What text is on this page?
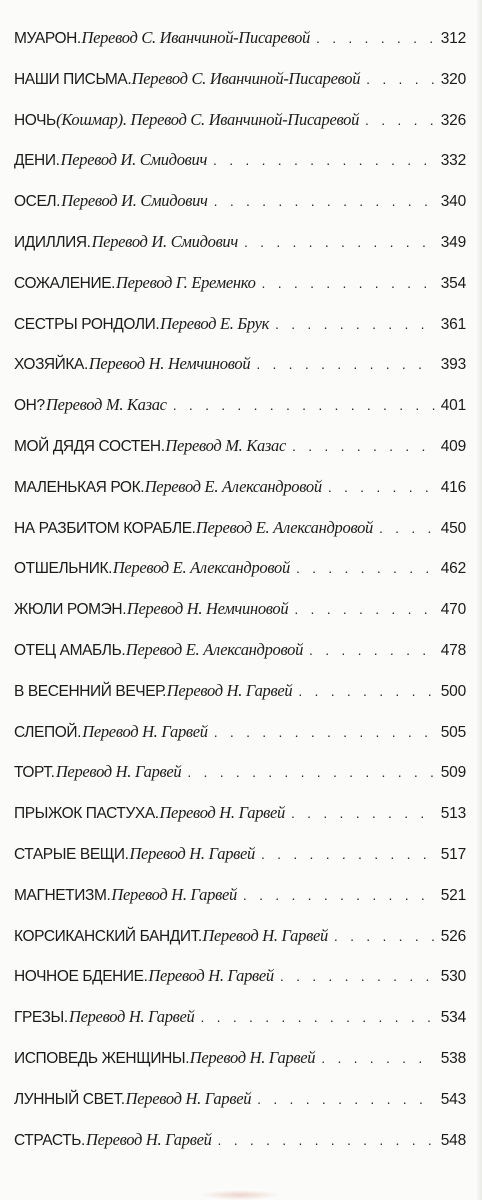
МУАРОН. Перевод С. Иванчиной-Писаревой . . .	312
НАШИ ПИСЬМА. Перевод С. Иванчиной-Писаревой . . .	320
НОЧЬ (Кошмар). Перевод С. Иванчиной-Писаревой . . .	326
ДЕНИ. Перевод И. Смидович . . .	332
ОСЕЛ. Перевод И. Смидович . . .	340
ИДИЛЛИЯ. Перевод И. Смидович . . .	349
СОЖАЛЕНИЕ. Перевод Г. Еременко . . .	354
СЕСТРЫ РОНДОЛИ. Перевод Е. Брук . . .	361
ХОЗЯЙКА. Перевод Н. Немчиновой . . .	393
ОН? Перевод М. Казас . . .	401
МОЙ ДЯДЯ СОСТЕН. Перевод М. Казас . . .	409
МАЛЕНЬКАЯ РОК. Перевод Е. Александровой . . .	416
НА РАЗБИТОМ КОРАБЛЕ. Перевод Е. Александровой . . .	450
ОТШЕЛЬНИК. Перевод Е. Александровой . . .	462
ЖЮЛИ РОМЭН. Перевод Н. Немчиновой . . .	470
ОТЕЦ АМАБЛЬ. Перевод Е. Александровой . . .	478
В ВЕСЕННИЙ ВЕЧЕР. Перевод Н. Гарвей . . .	500
СЛЕПОЙ. Перевод Н. Гарвей . . .	505
ТОРТ. Перевод Н. Гарвей . . .	509
ПРЫЖОК ПАСТУХА. Перевод Н. Гарвей . . .	513
СТАРЫЕ ВЕЩИ. Перевод Н. Гарвей . . .	517
МАГНЕТИЗМ. Перевод Н. Гарвей . . .	521
КОРСИКАНСКИЙ БАНДИТ. Перевод Н. Гарвей . . .	526
НОЧНОЕ БДЕНИЕ. Перевод Н. Гарвей . . .	530
ГРЕЗЫ. Перевод Н. Гарвей . . .	534
ИСПОВЕДЬ ЖЕНЩИНЫ. Перевод Н. Гарвей . . .	538
ЛУННЫЙ СВЕТ. Перевод Н. Гарвей . . .	543
СТРАСТЬ. Перевод Н. Гарвей . . .	548
